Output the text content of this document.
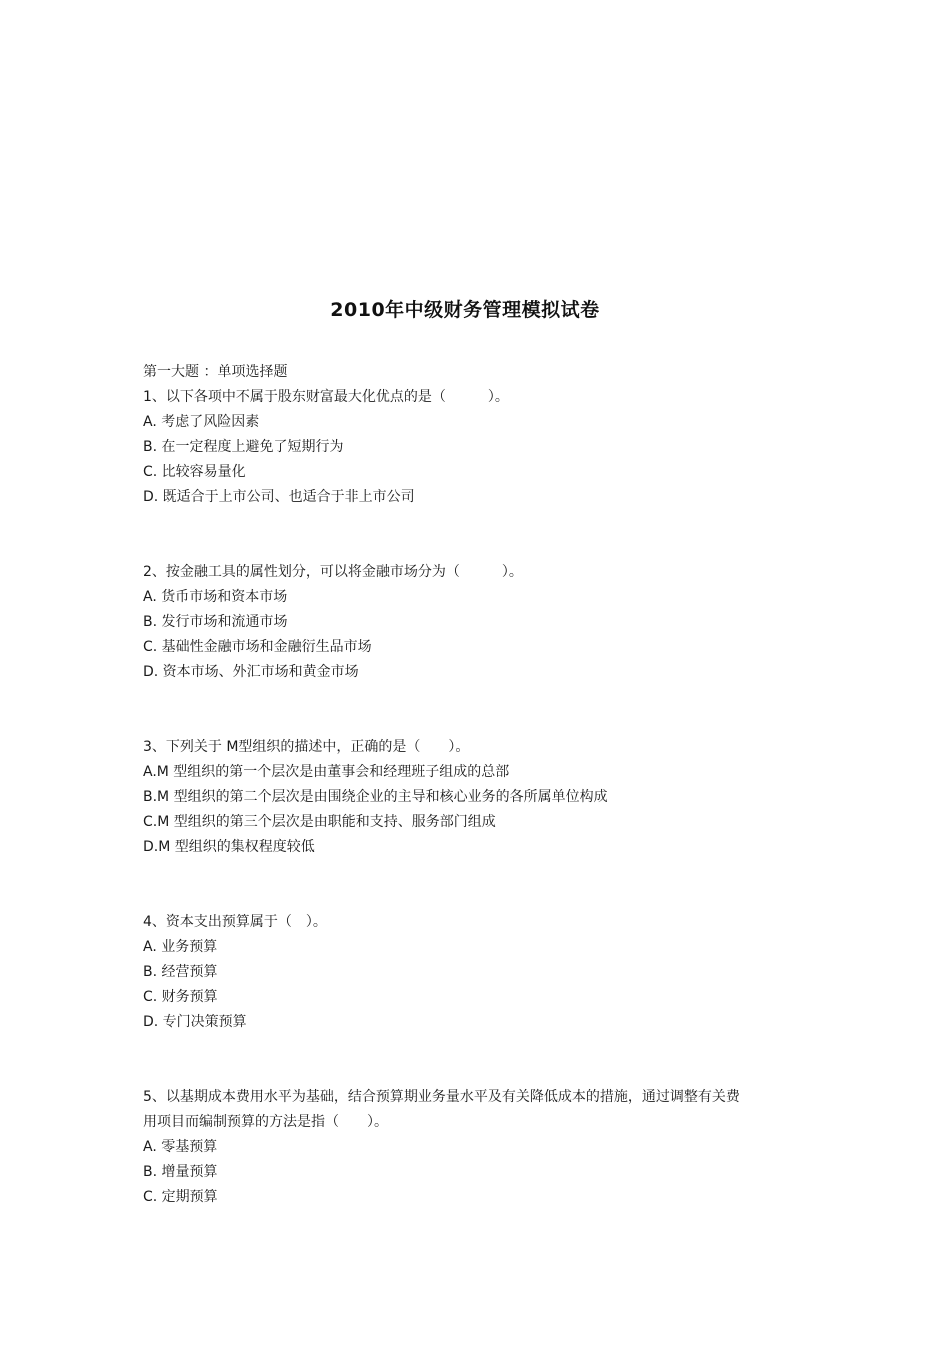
2010年中级财务管理模拟试卷
第一大题 ：单项选择题
1、以下各项中不属于股东财富最大化优点的是（　　　）。
A. 考虑了风险因素
B. 在一定程度上避免了短期行为
C. 比较容易量化
D. 既适合于上市公司、也适合于非上市公司
2、按金融工具的属性划分，可以将金融市场分为（　　　）。
A. 货币市场和资本市场
B. 发行市场和流通市场
C. 基础性金融市场和金融衍生品市场
D. 资本市场、外汇市场和黄金市场
3、下列关于 M型组织的描述中，正确的是（　　）。
A.M 型组织的第一个层次是由董事会和经理班子组成的总部
B.M 型组织的第二个层次是由围绕企业的主导和核心业务的各所属单位构成
C.M 型组织的第三个层次是由职能和支持、服务部门组成
D.M 型组织的集权程度较低
4、资本支出预算属于（　）。
A. 业务预算
B. 经营预算
C. 财务预算
D. 专门决策预算
5、以基期成本费用水平为基础，结合预算期业务量水平及有关降低成本的措施，通过调整有关费用项目而编制预算的方法是指（　　）。
A. 零基预算
B. 增量预算
C. 定期预算
